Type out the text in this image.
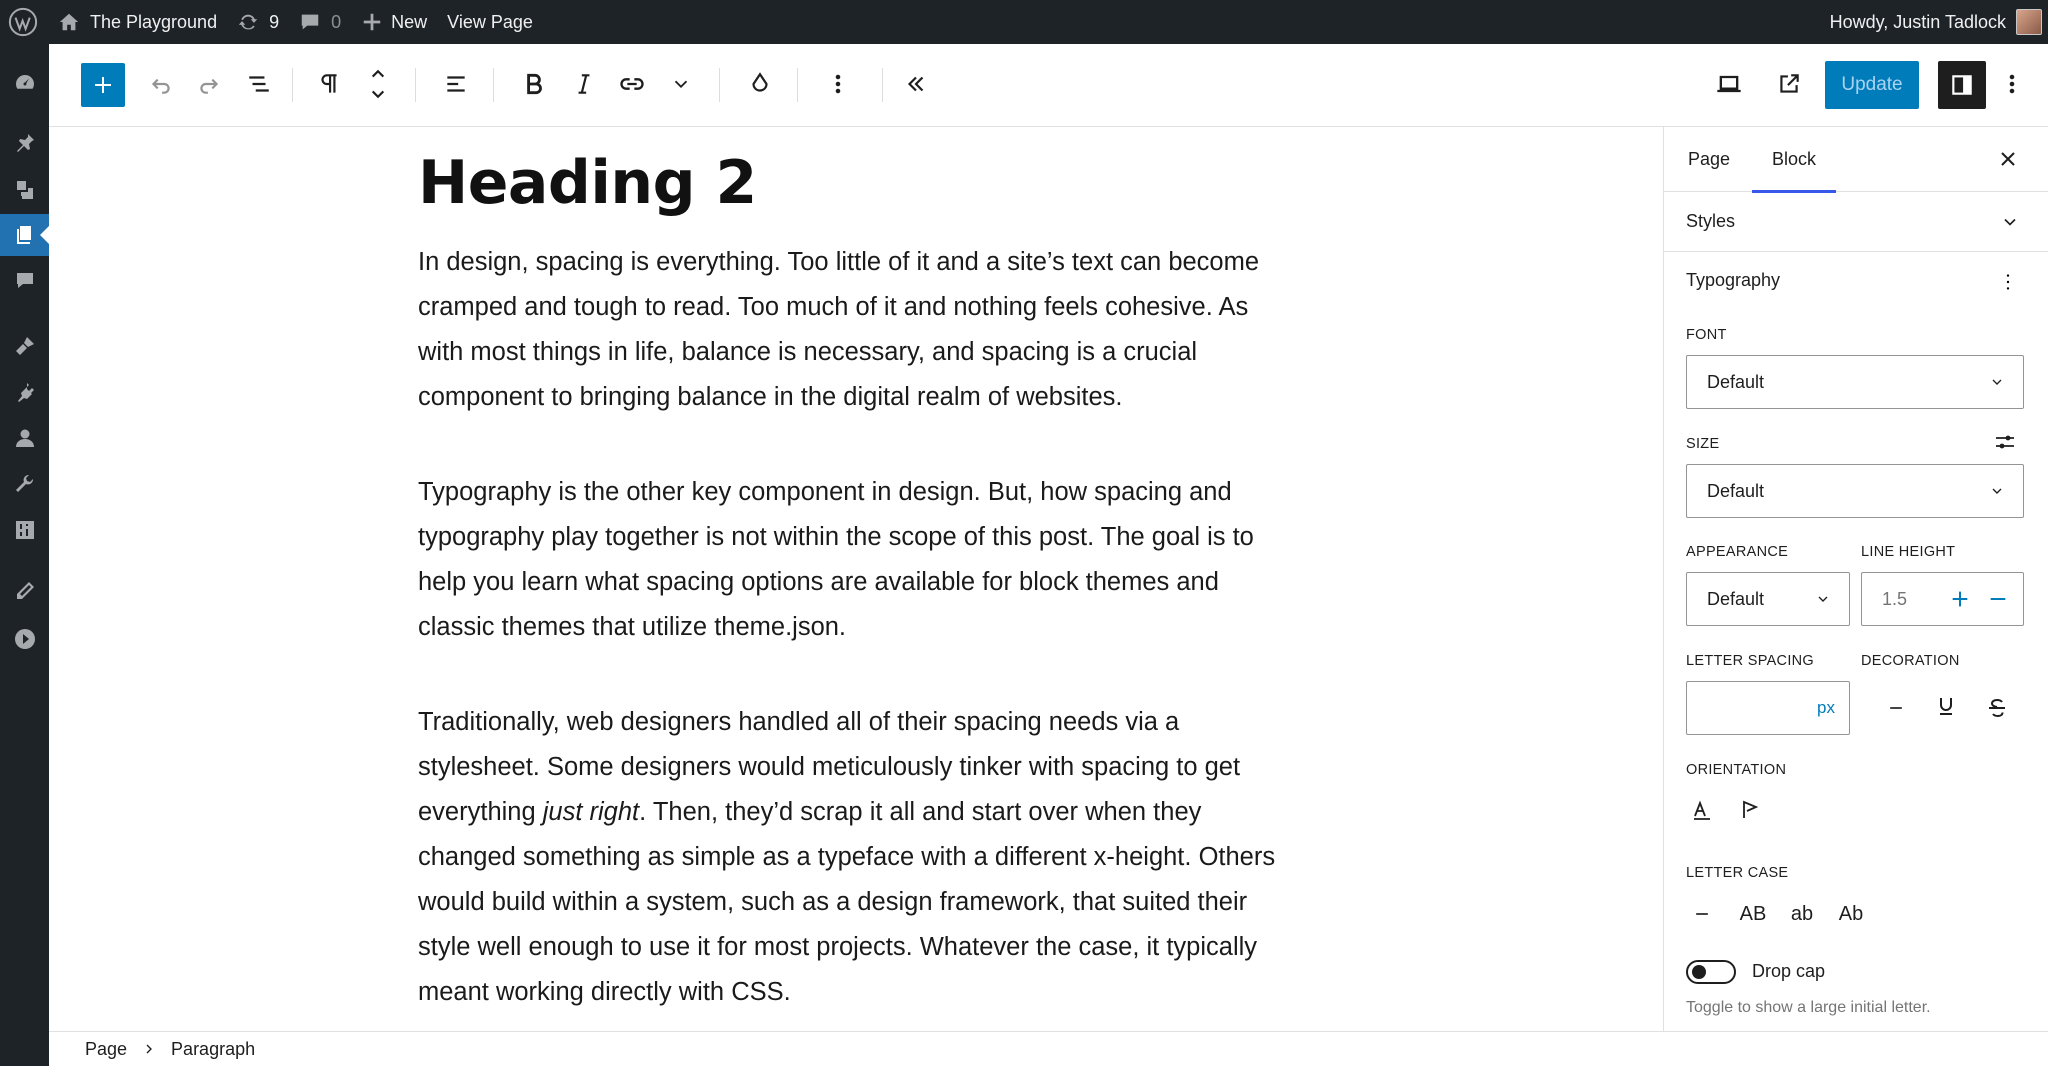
The Playground	9	0	New View Page	Howdy, Justin Tadlock
Update
Heading 2

In design, spacing is everything. Too little of it and a site’s text can become cramped and tough to read. Too much of it and nothing feels cohesive. As with most things in life, balance is necessary, and spacing is a crucial component to bringing balance in the digital realm of websites.

Typography is the other key component in design. But, how spacing and typography play together is not within the scope of this post. The goal is to help you learn what spacing options are available for block themes and classic themes that utilize theme.json.

Traditionally, web designers handled all of their spacing needs via a stylesheet. Some designers would meticulously tinker with spacing to get everything just right. Then, they’d scrap it all and start over when they changed something as simple as a typeface with a different x-height. Others would build within a system, such as a design framework, that suited their style well enough to use it for most projects. Whatever the case, it typically meant working directly with CSS.

Page Block
Styles
Typography
FONT
Default
SIZE
Default
APPEARANCE	LINE HEIGHT
Default	1.5
LETTER SPACING	DECORATION
px
ORIENTATION
LETTER CASE
AB	ab	Ab
Drop cap
Toggle to show a large initial letter.
Page Paragraph
